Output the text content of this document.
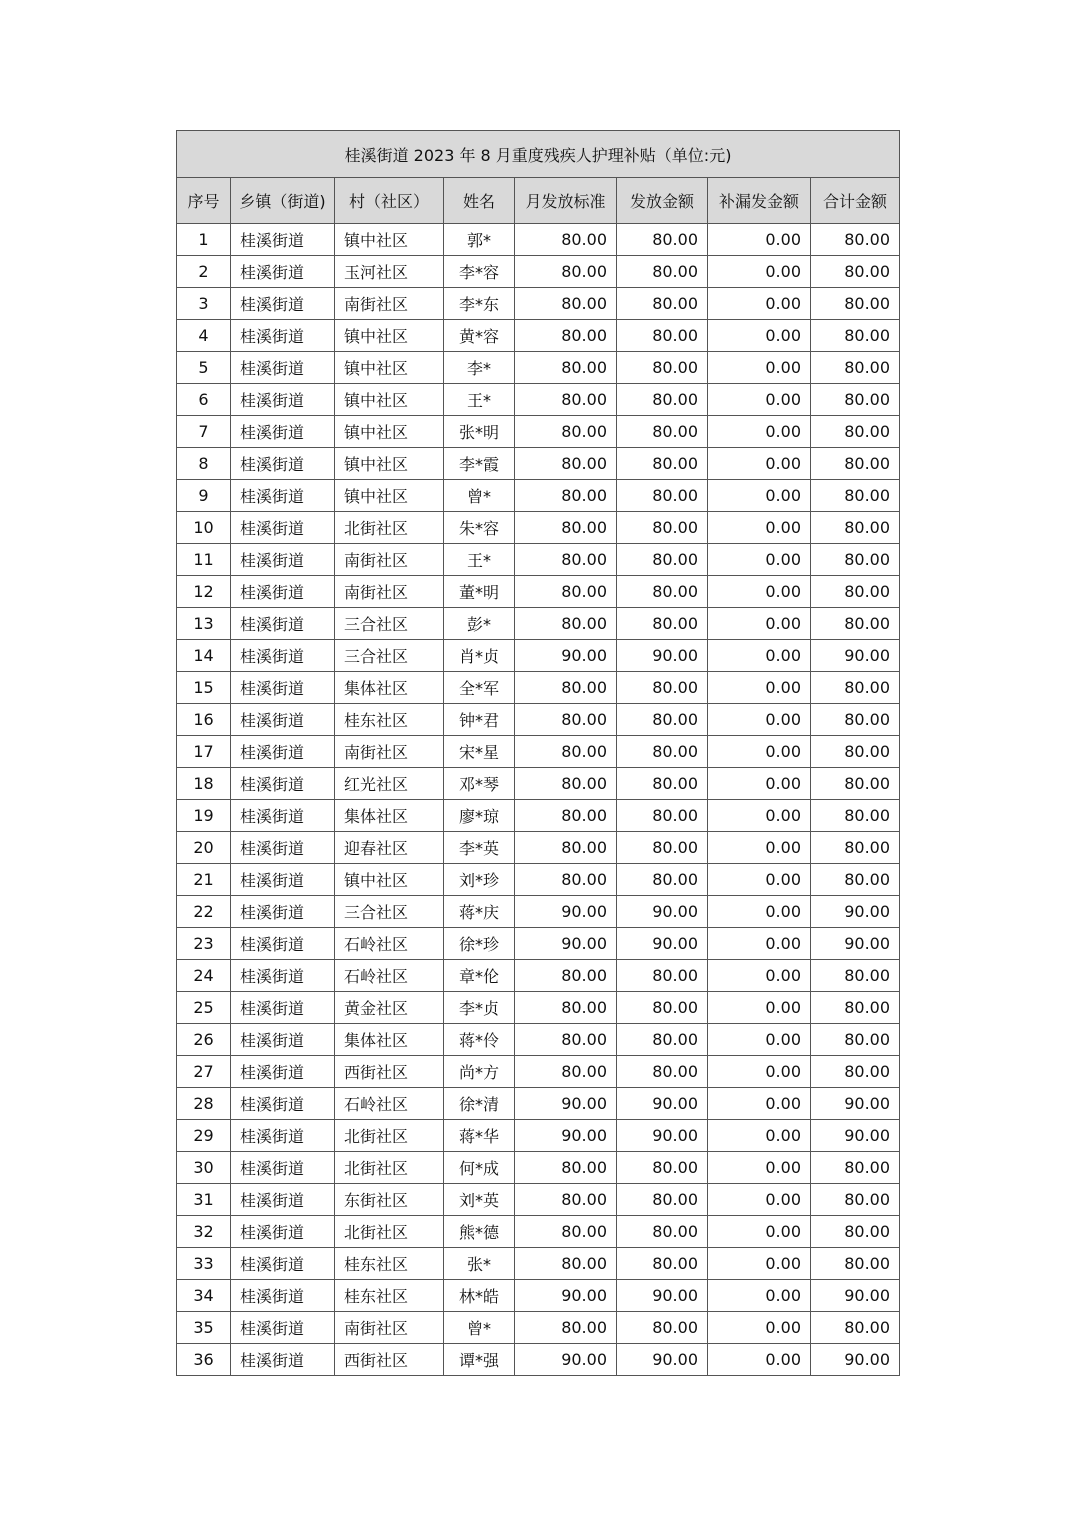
桂溪街道 2023 年 8 月重度残疾人护理补贴（单位:元)							
序号	乡镇（街道)	村（社区）	姓名	月发放标准	发放金额	补漏发金额	合计金额
1	桂溪街道	镇中社区	郭*	80.00	80.00	0.00	80.00
2	桂溪街道	玉河社区	李*容	80.00	80.00	0.00	80.00
3	桂溪街道	南街社区	李*东	80.00	80.00	0.00	80.00
4	桂溪街道	镇中社区	黄*容	80.00	80.00	0.00	80.00
5	桂溪街道	镇中社区	李*	80.00	80.00	0.00	80.00
6	桂溪街道	镇中社区	王*	80.00	80.00	0.00	80.00
7	桂溪街道	镇中社区	张*明	80.00	80.00	0.00	80.00
8	桂溪街道	镇中社区	李*霞	80.00	80.00	0.00	80.00
9	桂溪街道	镇中社区	曾*	80.00	80.00	0.00	80.00
10	桂溪街道	北街社区	朱*容	80.00	80.00	0.00	80.00
11	桂溪街道	南街社区	王*	80.00	80.00	0.00	80.00
12	桂溪街道	南街社区	董*明	80.00	80.00	0.00	80.00
13	桂溪街道	三合社区	彭*	80.00	80.00	0.00	80.00
14	桂溪街道	三合社区	肖*贞	90.00	90.00	0.00	90.00
15	桂溪街道	集体社区	全*军	80.00	80.00	0.00	80.00
16	桂溪街道	桂东社区	钟*君	80.00	80.00	0.00	80.00
17	桂溪街道	南街社区	宋*星	80.00	80.00	0.00	80.00
18	桂溪街道	红光社区	邓*琴	80.00	80.00	0.00	80.00
19	桂溪街道	集体社区	廖*琼	80.00	80.00	0.00	80.00
20	桂溪街道	迎春社区	李*英	80.00	80.00	0.00	80.00
21	桂溪街道	镇中社区	刘*珍	80.00	80.00	0.00	80.00
22	桂溪街道	三合社区	蒋*庆	90.00	90.00	0.00	90.00
23	桂溪街道	石岭社区	徐*珍	90.00	90.00	0.00	90.00
24	桂溪街道	石岭社区	章*伦	80.00	80.00	0.00	80.00
25	桂溪街道	黄金社区	李*贞	80.00	80.00	0.00	80.00
26	桂溪街道	集体社区	蒋*伶	80.00	80.00	0.00	80.00
27	桂溪街道	西街社区	尚*方	80.00	80.00	0.00	80.00
28	桂溪街道	石岭社区	徐*清	90.00	90.00	0.00	90.00
29	桂溪街道	北街社区	蒋*华	90.00	90.00	0.00	90.00
30	桂溪街道	北街社区	何*成	80.00	80.00	0.00	80.00
31	桂溪街道	东街社区	刘*英	80.00	80.00	0.00	80.00
32	桂溪街道	北街社区	熊*德	80.00	80.00	0.00	80.00
33	桂溪街道	桂东社区	张*	80.00	80.00	0.00	80.00
34	桂溪街道	桂东社区	林*皓	90.00	90.00	0.00	90.00
35	桂溪街道	南街社区	曾*	80.00	80.00	0.00	80.00
36	桂溪街道	西街社区	谭*强	90.00	90.00	0.00	90.00
